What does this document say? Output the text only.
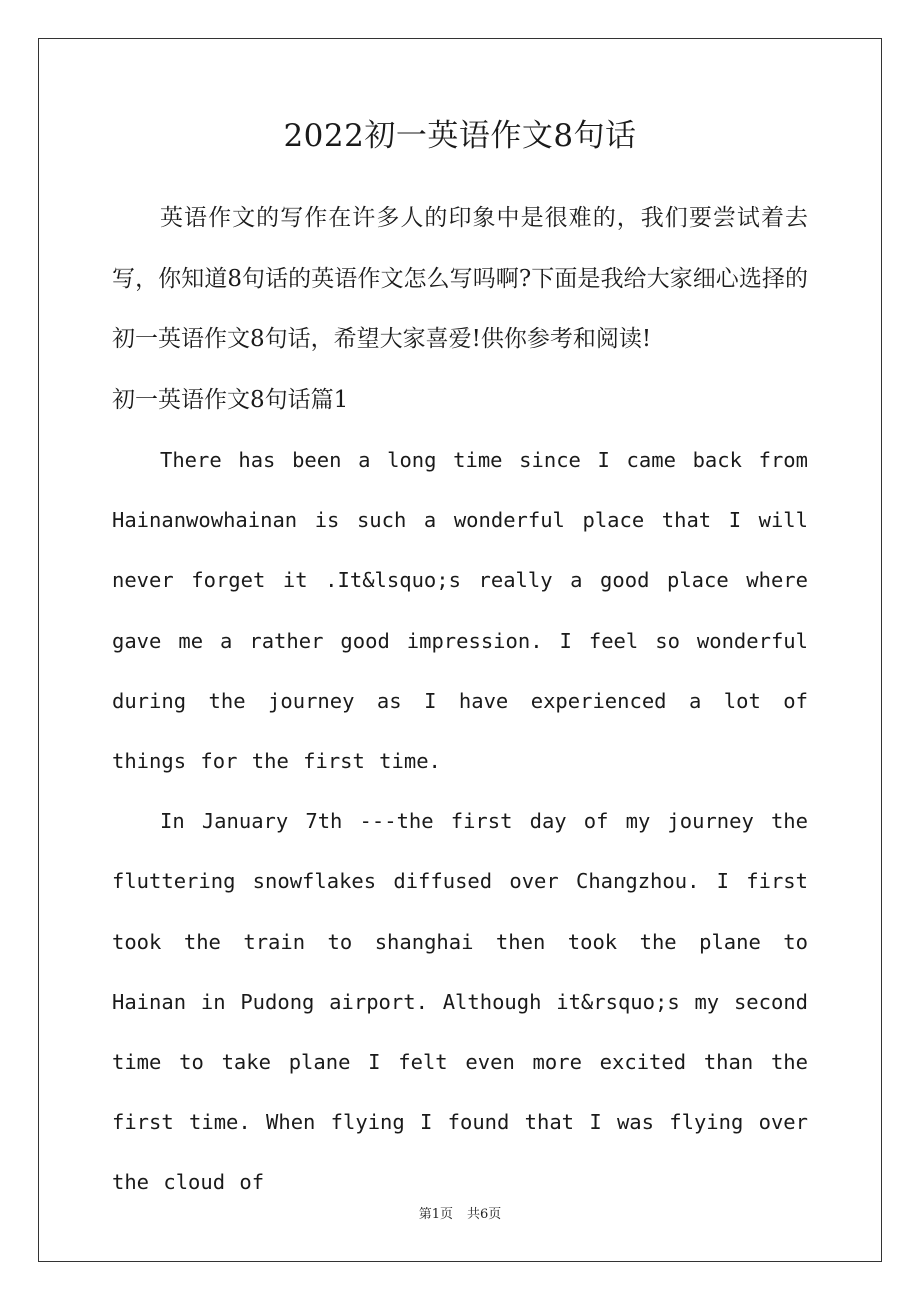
2022初一英语作文8句话

英语作文的写作在许多人的印象中是很难的，我们要尝试着去写，你知道8句话的英语作文怎么写吗啊?下面是我给大家细心选择的初一英语作文8句话，希望大家喜爱!供你参考和阅读!

初一英语作文8句话篇1

There has been a long time since I came back from Hainanwowhainan is such a wonderful place that I will never forget it .It&lsquo;s really a good place where gave me a rather good impression. I feel so wonderful during the journey as I have experienced a lot of things for the first time.

In January 7th ---the first day of my journey the fluttering snowflakes diffused over Changzhou. I first took the train to shanghai then took the plane to Hainan in Pudong airport. Although it&rsquo;s my second time to take plane I felt even more excited than the first time. When flying I found that I was flying over the cloud of

第1页 共6页
